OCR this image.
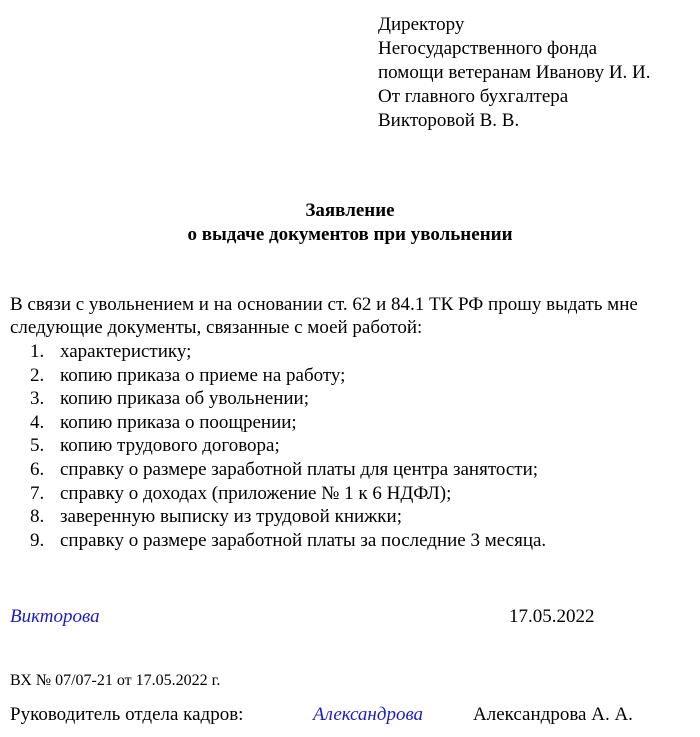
Директору
Негосударственного фонда
помощи ветеранам Иванову И. И.
От главного бухгалтера
Викторовой В. В.
Заявление
о выдаче документов при увольнении
В связи с увольнением и на основании ст. 62 и 84.1 ТК РФ прошу выдать мне
следующие документы, связанные с моей работой:
1. характеристику;
2. копию приказа о приеме на работу;
3. копию приказа об увольнении;
4. копию приказа о поощрении;
5. копию трудового договора;
6. справку о размере заработной платы для центра занятости;
7. справку о доходах (приложение № 1 к 6 НДФЛ);
8. заверенную выписку из трудовой книжки;
9. справку о размере заработной платы за последние 3 месяца.
Викторова	17.05.2022
ВХ № 07/07-21 от 17.05.2022 г.
Руководитель отдела кадров:	Александрова	Александрова А. А.
